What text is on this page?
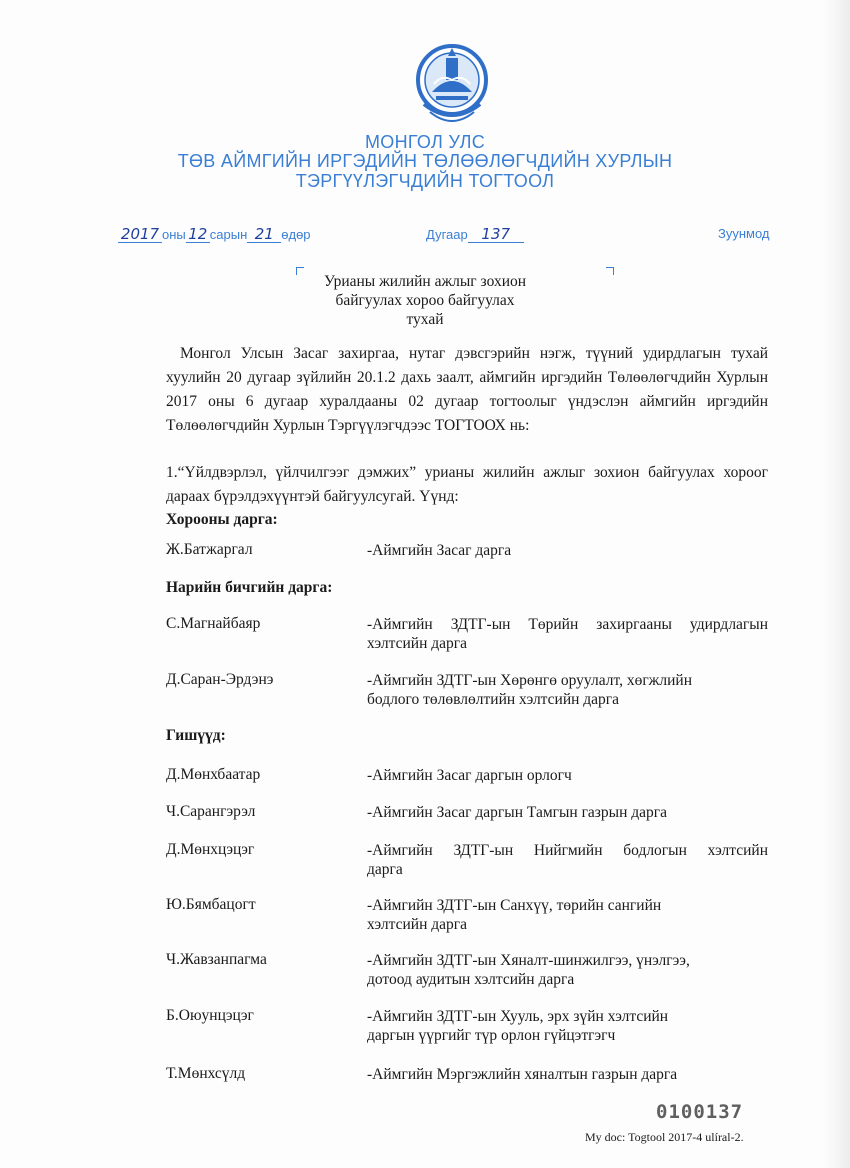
МОНГОЛ УЛС
ТӨВ АЙМГИЙН ИРГЭДИЙН ТӨЛӨӨЛӨГЧДИЙН ХУРЛЫН
ТЭРГҮҮЛЭГЧДИЙН ТОГТООЛ
2017 оны 12 сарын 21 өдөр	Дугаар 137	Зуунмод
Урианы жилийн ажлыг зохион
байгуулах хороо байгуулах
тухай
Монгол Улсын Засаг захиргаа, нутаг дэвсгэрийн нэгж, түүний удирдлагын тухай хуулийн 20 дугаар зүйлийн 20.1.2 дахь заалт, аймгийн иргэдийн Төлөөлөгчдийн Хурлын 2017 оны 6 дугаар хуралдааны 02 дугаар тогтоолыг үндэслэн аймгийн иргэдийн Төлөөлөгчдийн Хурлын Тэргүүлэгчдээс ТОГТООХ нь:
1.“Үйлдвэрлэл, үйлчилгээг дэмжих” урианы жилийн ажлыг зохион байгуулах хороог дараах бүрэлдэхүүнтэй байгуулсугай. Үүнд:
Хорооны дарга:
Ж.Батжаргал	-Аймгийн Засаг дарга
Нарийн бичгийн дарга:
С.Магнайбаяр	-Аймгийн ЗДТГ-ын Төрийн захиргааны удирдлагын
хэлтсийн дарга
Д.Саран-Эрдэнэ	-Аймгийн ЗДТГ-ын Хөрөнгө оруулалт, хөгжлийн
бодлого төлөвлөлтийн хэлтсийн дарга
Гишүүд:
Д.Мөнхбаатар	-Аймгийн Засаг даргын орлогч
Ч.Сарангэрэл	-Аймгийн Засаг даргын Тамгын газрын дарга
Д.Мөнхцэцэг	-Аймгийн ЗДТГ-ын Нийгмийн бодлогын хэлтсийн
дарга
Ю.Бямбацогт	-Аймгийн ЗДТГ-ын Санхүү, төрийн сангийн
хэлтсийн дарга
Ч.Жавзанпагма	-Аймгийн ЗДТГ-ын Хяналт-шинжилгээ, үнэлгээ,
дотоод аудитын хэлтсийн дарга
Б.Оюунцэцэг	-Аймгийн ЗДТГ-ын Хууль, эрх зүйн хэлтсийн
даргын үүргийг түр орлон гүйцэтгэгч
Т.Мөнхсүлд	-Аймгийн Мэргэжлийн хяналтын газрын дарга
0100137
My doc: Togtool 2017-4 ulíral-2.
